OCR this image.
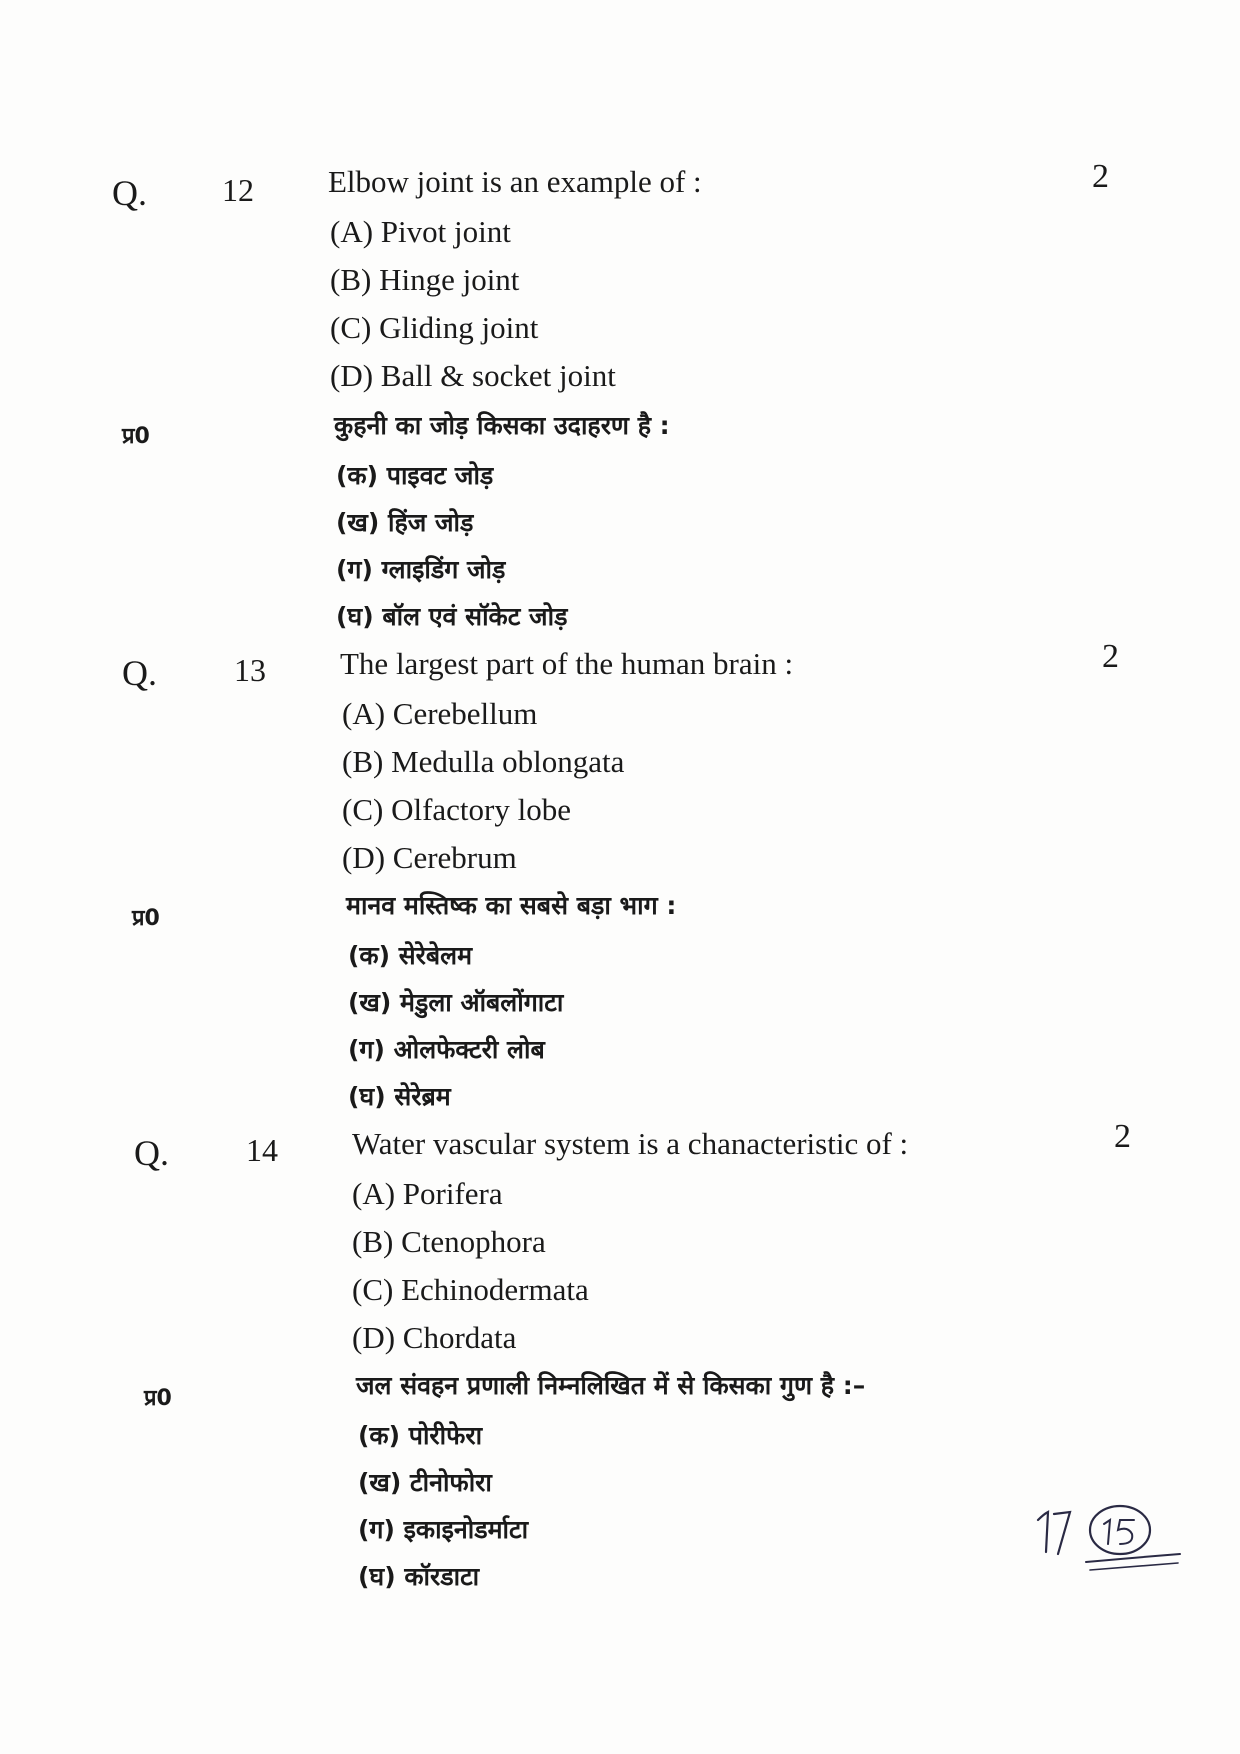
Q. 12	2
Elbow joint is an example of :
(A) Pivot joint
(B) Hinge joint
(C) Gliding joint
(D) Ball & socket joint
प्र0	कुहनी का जोड़ किसका उदाहरण है :
(क) पाइवट जोड़
(ख) हिंज जोड़
(ग) ग्लाइडिंग जोड़
(घ) बॉल एवं सॉकेट जोड़
Q. 13	2
The largest part of the human brain :
(A) Cerebellum
(B) Medulla oblongata
(C) Olfactory lobe
(D) Cerebrum
प्र0	मानव मस्तिष्क का सबसे बड़ा भाग :
(क) सेरेबेलम
(ख) मेडुला ऑबलोंगाटा
(ग) ओलफेक्टरी लोब
(घ) सेरेब्रम
Q. 14	2
Water vascular system is a chanacteristic of :
(A) Porifera
(B) Ctenophora
(C) Echinodermata
(D) Chordata
प्र0	जल संवहन प्रणाली निम्नलिखित में से किसका गुण है :–
(क) पोरीफेरा
(ख) टीनोफोरा
(ग) इकाइनोडर्माटा
(घ) कॉरडाटा
